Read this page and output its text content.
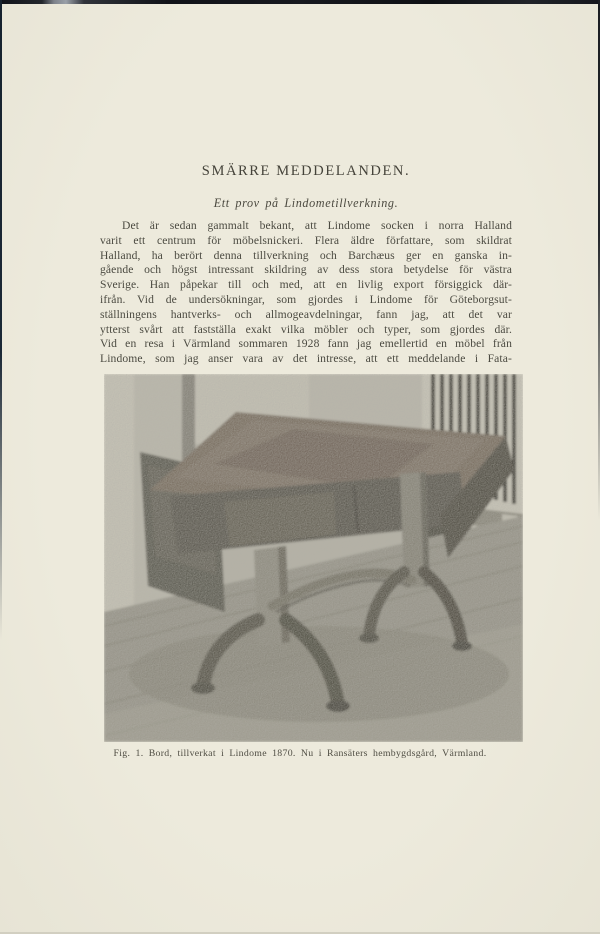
SMÄRRE MEDDELANDEN.
Ett prov på Lindometillverkning.
Det är sedan gammalt bekant, att Lindome socken i norra Halland
varit ett centrum för möbelsnickeri. Flera äldre författare, som skildrat
Halland, ha berört denna tillverkning och Barchæus ger en ganska in-
gående och högst intressant skildring av dess stora betydelse för västra
Sverige. Han påpekar till och med, att en livlig export försiggick där-
ifrån. Vid de undersökningar, som gjordes i Lindome för Göteborgsut-
ställningens hantverks- och allmogeavdelningar, fann jag, att det var
ytterst svårt att fastställa exakt vilka möbler och typer, som gjordes där.
Vid en resa i Värmland sommaren 1928 fann jag emellertid en möbel från
Lindome, som jag anser vara av det intresse, att ett meddelande i Fata-
Fig. 1. Bord, tillverkat i Lindome 1870. Nu i Ransäters hembygdsgård, Värmland.
